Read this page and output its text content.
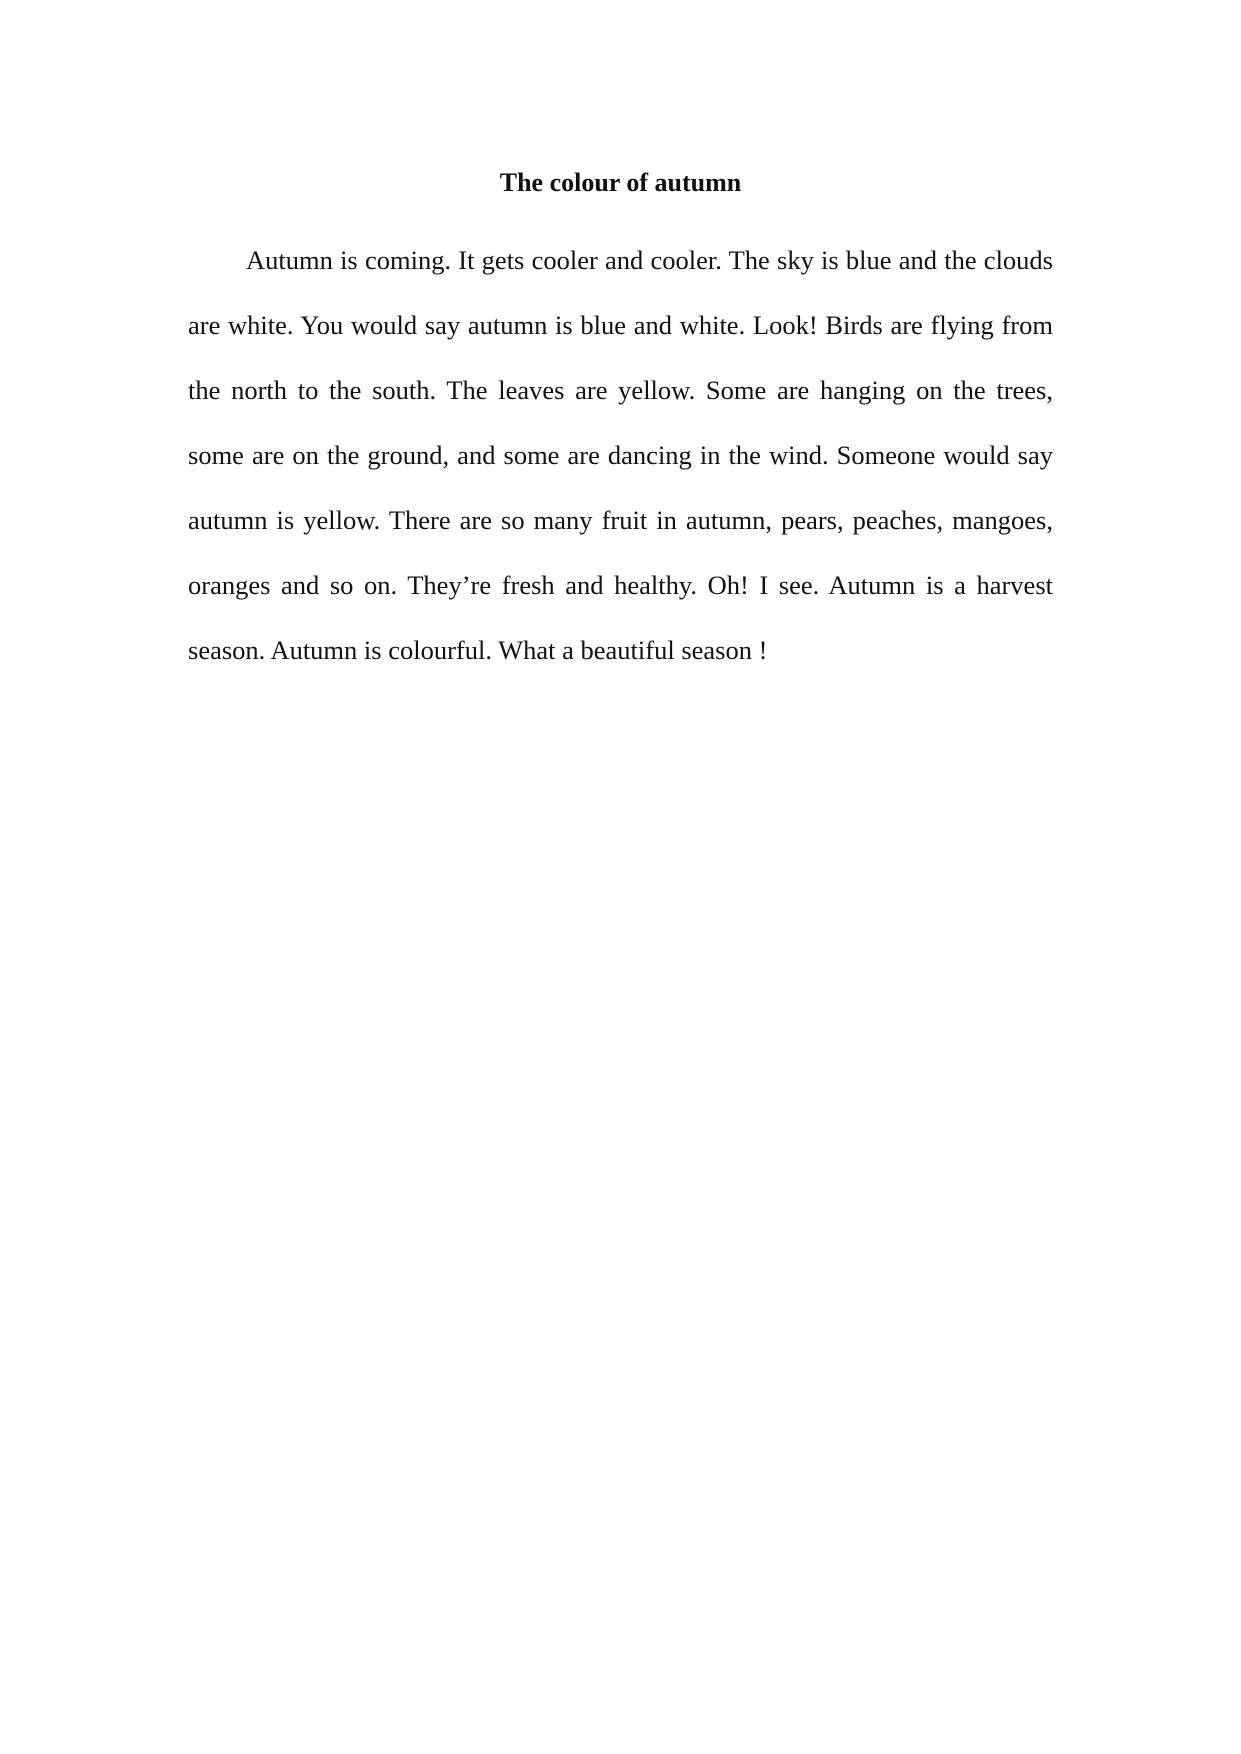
The colour of autumn

Autumn is coming. It gets cooler and cooler. The sky is blue and the clouds are white. You would say autumn is blue and white. Look! Birds are flying from the north to the south. The leaves are yellow. Some are hanging on the trees, some are on the ground, and some are dancing in the wind. Someone would say autumn is yellow. There are so many fruit in autumn, pears, peaches, mangoes, oranges and so on. They’re fresh and healthy. Oh! I see. Autumn is a harvest season. Autumn is colourful. What a beautiful season !
